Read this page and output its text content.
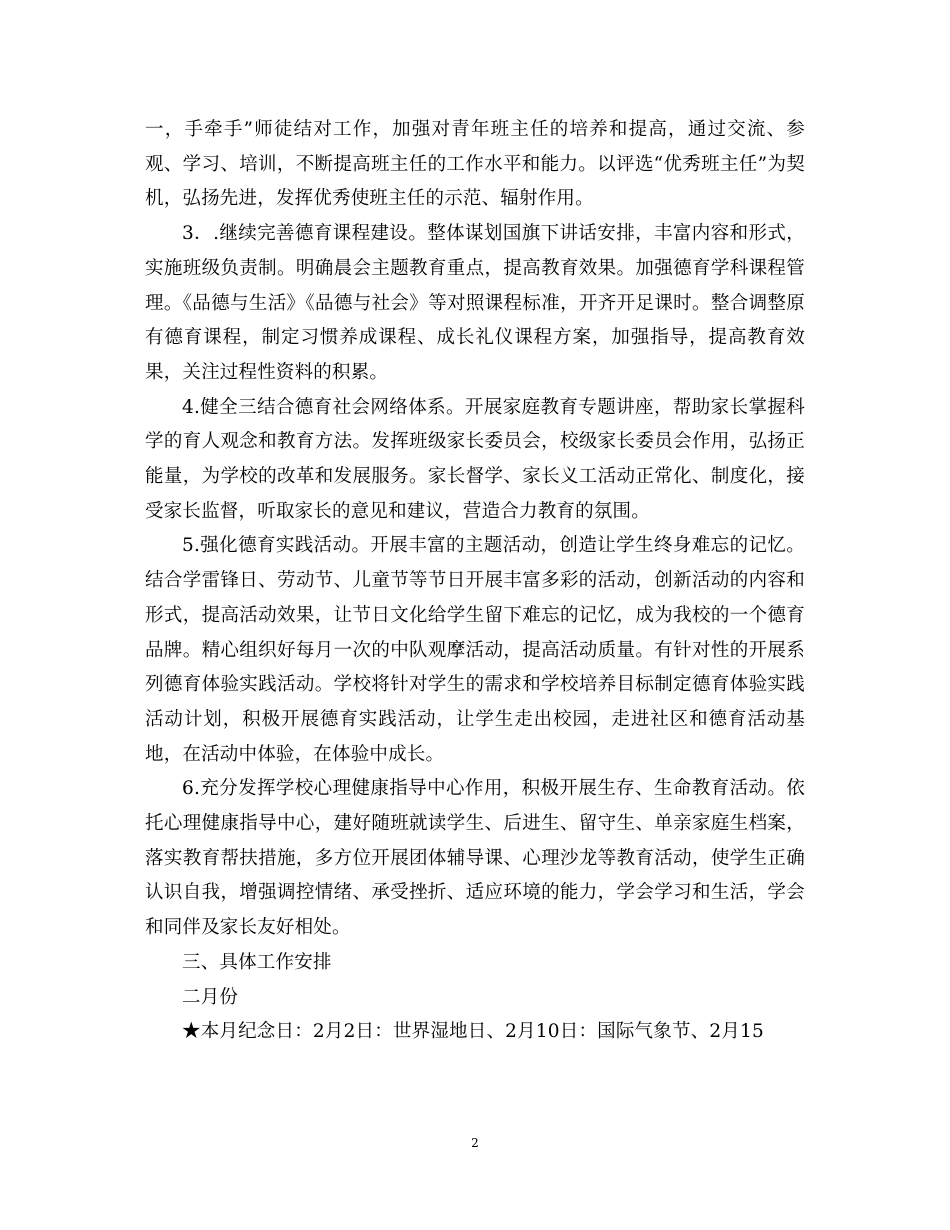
一，手牵手”师徒结对工作，加强对青年班主任的培养和提高，通过交流、参观、学习、培训，不断提高班主任的工作水平和能力。以评选“优秀班主任”为契机，弘扬先进，发挥优秀使班主任的示范、辐射作用。

3．.继续完善德育课程建设。整体谋划国旗下讲话安排，丰富内容和形式，实施班级负责制。明确晨会主题教育重点，提高教育效果。加强德育学科课程管理。《品德与生活》《品德与社会》等对照课程标准，开齐开足课时。整合调整原有德育课程，制定习惯养成课程、成长礼仪课程方案，加强指导，提高教育效果，关注过程性资料的积累。

4.健全三结合德育社会网络体系。开展家庭教育专题讲座，帮助家长掌握科学的育人观念和教育方法。发挥班级家长委员会，校级家长委员会作用，弘扬正能量，为学校的改革和发展服务。家长督学、家长义工活动正常化、制度化，接受家长监督，听取家长的意见和建议，营造合力教育的氛围。

5.强化德育实践活动。开展丰富的主题活动，创造让学生终身难忘的记忆。结合学雷锋日、劳动节、儿童节等节日开展丰富多彩的活动，创新活动的内容和形式，提高活动效果，让节日文化给学生留下难忘的记忆，成为我校的一个德育品牌。精心组织好每月一次的中队观摩活动，提高活动质量。有针对性的开展系列德育体验实践活动。学校将针对学生的需求和学校培养目标制定德育体验实践活动计划，积极开展德育实践活动，让学生走出校园，走进社区和德育活动基地，在活动中体验，在体验中成长。

6.充分发挥学校心理健康指导中心作用，积极开展生存、生命教育活动。依托心理健康指导中心，建好随班就读学生、后进生、留守生、单亲家庭生档案，落实教育帮扶措施，多方位开展团体辅导课、心理沙龙等教育活动，使学生正确认识自我，增强调控情绪、承受挫折、适应环境的能力，学会学习和生活，学会和同伴及家长友好相处。

三、具体工作安排

二月份

★本月纪念日：2月2日：世界湿地日、2月10日：国际气象节、2月15

2
